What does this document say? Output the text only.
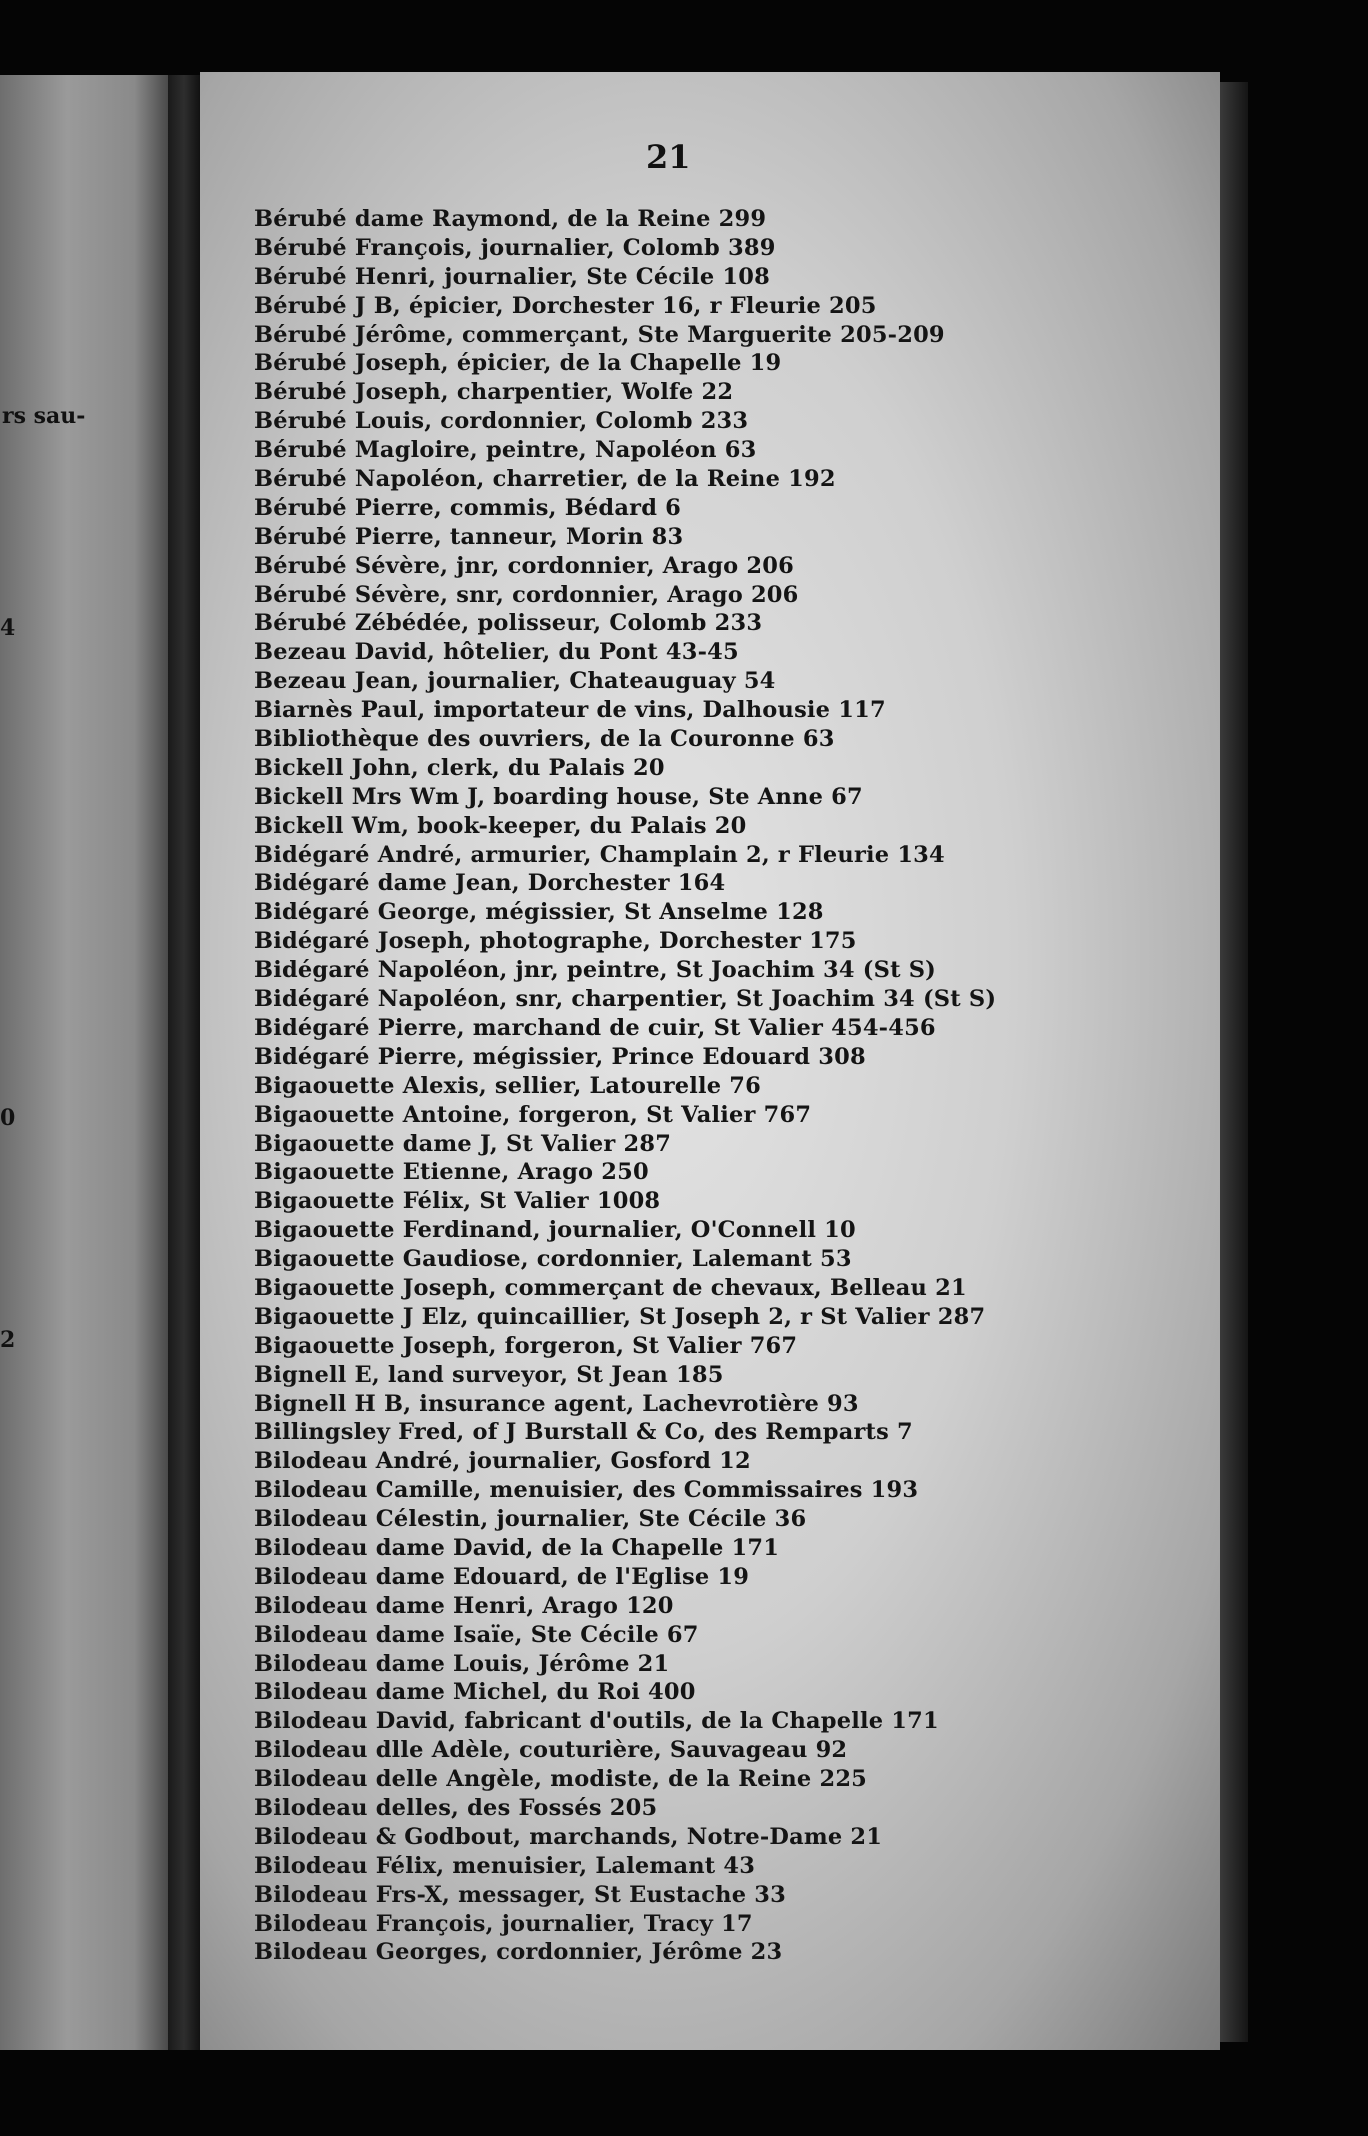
rs sau-
4
0
2
21
Bérubé dame Raymond, de la Reine 299
Bérubé François, journalier, Colomb 389
Bérubé Henri, journalier, Ste Cécile 108
Bérubé J B, épicier, Dorchester 16, r Fleurie 205
Bérubé Jérôme, commerçant, Ste Marguerite 205-209
Bérubé Joseph, épicier, de la Chapelle 19
Bérubé Joseph, charpentier, Wolfe 22
Bérubé Louis, cordonnier, Colomb 233
Bérubé Magloire, peintre, Napoléon 63
Bérubé Napoléon, charretier, de la Reine 192
Bérubé Pierre, commis, Bédard 6
Bérubé Pierre, tanneur, Morin 83
Bérubé Sévère, jnr, cordonnier, Arago 206
Bérubé Sévère, snr, cordonnier, Arago 206
Bérubé Zébédée, polisseur, Colomb 233
Bezeau David, hôtelier, du Pont 43-45
Bezeau Jean, journalier, Chateauguay 54
Biarnès Paul, importateur de vins, Dalhousie 117
Bibliothèque des ouvriers, de la Couronne 63
Bickell John, clerk, du Palais 20
Bickell Mrs Wm J, boarding house, Ste Anne 67
Bickell Wm, book-keeper, du Palais 20
Bidégaré André, armurier, Champlain 2, r Fleurie 134
Bidégaré dame Jean, Dorchester 164
Bidégaré George, mégissier, St Anselme 128
Bidégaré Joseph, photographe, Dorchester 175
Bidégaré Napoléon, jnr, peintre, St Joachim 34 (St S)
Bidégaré Napoléon, snr, charpentier, St Joachim 34 (St S)
Bidégaré Pierre, marchand de cuir, St Valier 454-456
Bidégaré Pierre, mégissier, Prince Edouard 308
Bigaouette Alexis, sellier, Latourelle 76
Bigaouette Antoine, forgeron, St Valier 767
Bigaouette dame J, St Valier 287
Bigaouette Etienne, Arago 250
Bigaouette Félix, St Valier 1008
Bigaouette Ferdinand, journalier, O'Connell 10
Bigaouette Gaudiose, cordonnier, Lalemant 53
Bigaouette Joseph, commerçant de chevaux, Belleau 21
Bigaouette J Elz, quincaillier, St Joseph 2, r St Valier 287
Bigaouette Joseph, forgeron, St Valier 767
Bignell E, land surveyor, St Jean 185
Bignell H B, insurance agent, Lachevrotière 93
Billingsley Fred, of J Burstall & Co, des Remparts 7
Bilodeau André, journalier, Gosford 12
Bilodeau Camille, menuisier, des Commissaires 193
Bilodeau Célestin, journalier, Ste Cécile 36
Bilodeau dame David, de la Chapelle 171
Bilodeau dame Edouard, de l'Eglise 19
Bilodeau dame Henri, Arago 120
Bilodeau dame Isaïe, Ste Cécile 67
Bilodeau dame Louis, Jérôme 21
Bilodeau dame Michel, du Roi 400
Bilodeau David, fabricant d'outils, de la Chapelle 171
Bilodeau dlle Adèle, couturière, Sauvageau 92
Bilodeau delle Angèle, modiste, de la Reine 225
Bilodeau delles, des Fossés 205
Bilodeau & Godbout, marchands, Notre-Dame 21
Bilodeau Félix, menuisier, Lalemant 43
Bilodeau Frs-X, messager, St Eustache 33
Bilodeau François, journalier, Tracy 17
Bilodeau Georges, cordonnier, Jérôme 23
